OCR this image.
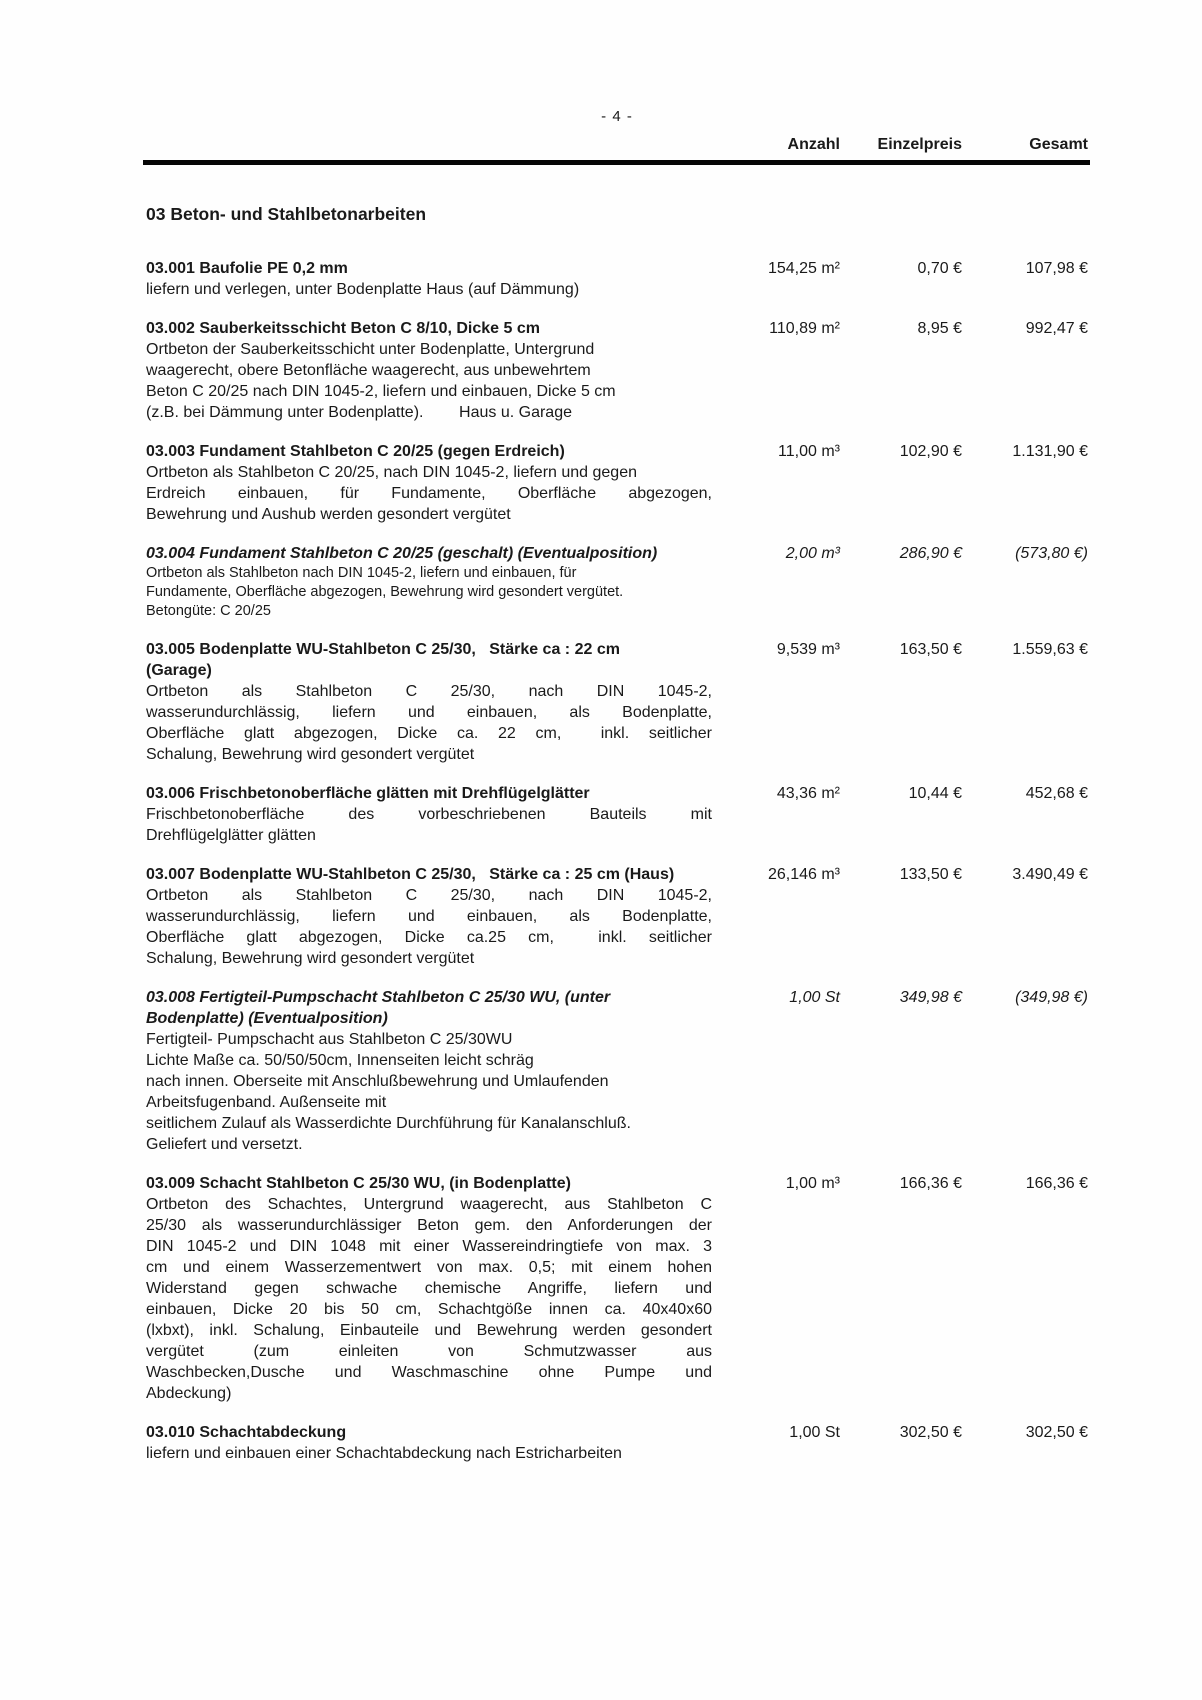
- 4 -
Anzahl	Einzelpreis	Gesamt
03 Beton- und Stahlbetonarbeiten
03.001 Baufolie PE 0,2 mm
liefern und verlegen, unter Bodenplatte Haus (auf Dämmung)
154,25 m²	0,70 €	107,98 €
03.002 Sauberkeitsschicht Beton C 8/10, Dicke 5 cm
Ortbeton der Sauberkeitsschicht unter Bodenplatte, Untergrund
waagerecht, obere Betonfläche waagerecht, aus unbewehrtem
Beton C 20/25 nach DIN 1045-2, liefern und einbauen, Dicke 5 cm
(z.B. bei Dämmung unter Bodenplatte).        Haus u. Garage
110,89 m²	8,95 €	992,47 €
03.003 Fundament Stahlbeton C 20/25 (gegen Erdreich)
Ortbeton als Stahlbeton C 20/25, nach DIN 1045-2, liefern und gegen
Erdreich einbauen, für Fundamente, Oberfläche abgezogen,
Bewehrung und Aushub werden gesondert vergütet
11,00 m³	102,90 €	1.131,90 €
03.004 Fundament Stahlbeton C 20/25 (geschalt) (Eventualposition)
Ortbeton als Stahlbeton nach DIN 1045-2, liefern und einbauen, für
Fundamente, Oberfläche abgezogen, Bewehrung wird gesondert vergütet.
Betongüte: C 20/25
2,00 m³	286,90 €	(573,80 €)
03.005 Bodenplatte WU-Stahlbeton C 25/30,   Stärke ca : 22 cm
(Garage)
Ortbeton als Stahlbeton C 25/30, nach DIN 1045-2,
wasserundurchlässig, liefern und einbauen, als Bodenplatte,
Oberfläche glatt abgezogen, Dicke ca. 22 cm,  inkl. seitlicher
Schalung, Bewehrung wird gesondert vergütet
9,539 m³	163,50 €	1.559,63 €
03.006 Frischbetonoberfläche glätten mit Drehflügelglätter
Frischbetonoberfläche des vorbeschriebenen Bauteils mit
Drehflügelglätter glätten
43,36 m²	10,44 €	452,68 €
03.007 Bodenplatte WU-Stahlbeton C 25/30,   Stärke ca : 25 cm (Haus)
Ortbeton als Stahlbeton C 25/30, nach DIN 1045-2,
wasserundurchlässig, liefern und einbauen, als Bodenplatte,
Oberfläche glatt abgezogen, Dicke ca.25 cm,  inkl. seitlicher
Schalung, Bewehrung wird gesondert vergütet
26,146 m³	133,50 €	3.490,49 €
03.008 Fertigteil-Pumpschacht Stahlbeton C 25/30 WU, (unter
Bodenplatte) (Eventualposition)
Fertigteil- Pumpschacht aus Stahlbeton C 25/30WU
Lichte Maße ca. 50/50/50cm, Innenseiten leicht schräg
nach innen. Oberseite mit Anschlußbewehrung und Umlaufenden
Arbeitsfugenband. Außenseite mit
seitlichem Zulauf als Wasserdichte Durchführung für Kanalanschluß.
Geliefert und versetzt.
1,00 St	349,98 €	(349,98 €)
03.009 Schacht Stahlbeton C 25/30 WU, (in Bodenplatte)
Ortbeton des Schachtes, Untergrund waagerecht, aus Stahlbeton C
25/30 als wasserundurchlässiger Beton gem. den Anforderungen der
DIN 1045-2 und DIN 1048 mit einer Wassereindringtiefe von max. 3
cm und einem Wasserzementwert von max. 0,5; mit einem hohen
Widerstand gegen schwache chemische Angriffe, liefern und
einbauen, Dicke 20 bis 50 cm, Schachtgöße innen ca. 40x40x60
(lxbxt), inkl. Schalung, Einbauteile und Bewehrung werden gesondert
vergütet (zum einleiten von Schmutzwasser aus
Waschbecken,Dusche und Waschmaschine ohne Pumpe und
Abdeckung)
1,00 m³	166,36 €	166,36 €
03.010 Schachtabdeckung
liefern und einbauen einer Schachtabdeckung nach Estricharbeiten
1,00 St	302,50 €	302,50 €
